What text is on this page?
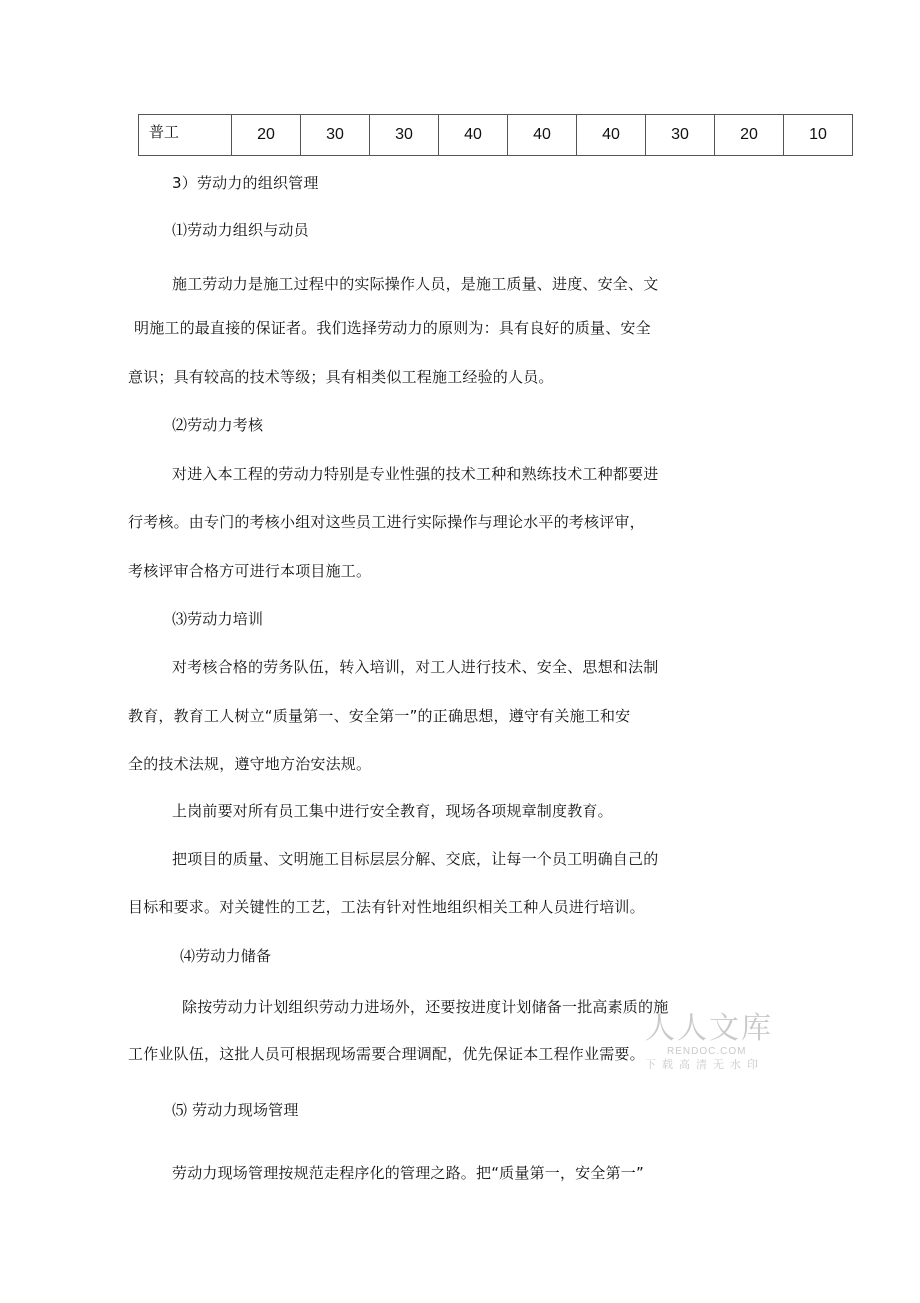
普工	20	30	30	40	40	40	30	20	10
3）劳动力的组织管理
⑴劳动力组织与动员
施工劳动力是施工过程中的实际操作人员，是施工质量、进度、安全、文
明施工的最直接的保证者。我们选择劳动力的原则为：具有良好的质量、安全
意识；具有较高的技术等级；具有相类似工程施工经验的人员。
⑵劳动力考核
对进入本工程的劳动力特别是专业性强的技术工种和熟练技术工种都要进
行考核。由专门的考核小组对这些员工进行实际操作与理论水平的考核评审，
考核评审合格方可进行本项目施工。
⑶劳动力培训
对考核合格的劳务队伍，转入培训，对工人进行技术、安全、思想和法制
教育，教育工人树立“质量第一、安全第一”的正确思想，遵守有关施工和安
全的技术法规，遵守地方治安法规。
上岗前要对所有员工集中进行安全教育，现场各项规章制度教育。
把项目的质量、文明施工目标层层分解、交底，让每一个员工明确自己的
目标和要求。对关键性的工艺，工法有针对性地组织相关工种人员进行培训。
⑷劳动力储备
除按劳动力计划组织劳动力进场外，还要按进度计划储备一批高素质的施
工作业队伍，这批人员可根据现场需要合理调配，优先保证本工程作业需要。
⑸ 劳动力现场管理
劳动力现场管理按规范走程序化的管理之路。把“质量第一，安全第一”
人人文库
RENDOC.COM
下载高清无水印
